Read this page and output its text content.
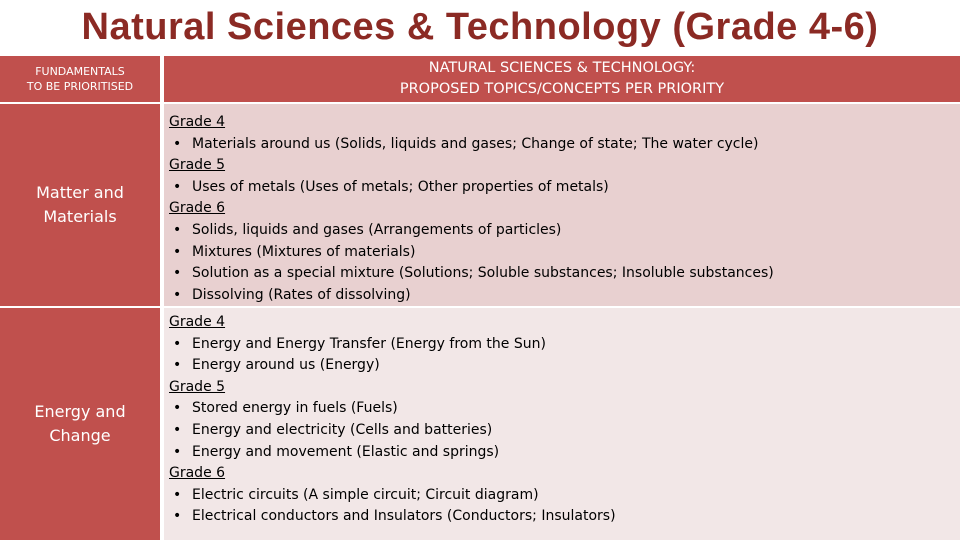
Natural Sciences & Technology (Grade 4-6)
FUNDAMENTALS
TO BE PRIORITISED
NATURAL SCIENCES & TECHNOLOGY:
PROPOSED TOPICS/CONCEPTS PER PRIORITY
Matter and
Materials
Grade 4
• Materials around us (Solids, liquids and gases; Change of state; The water cycle)
Grade 5
• Uses of metals (Uses of metals; Other properties of metals)
Grade 6
• Solids, liquids and gases (Arrangements of particles)
• Mixtures (Mixtures of materials)
• Solution as a special mixture (Solutions; Soluble substances; Insoluble substances)
• Dissolving (Rates of dissolving)
Energy and
Change
Grade 4
• Energy and Energy Transfer (Energy from the Sun)
• Energy around us (Energy)
Grade 5
• Stored energy in fuels (Fuels)
• Energy and electricity (Cells and batteries)
• Energy and movement (Elastic and springs)
Grade 6
• Electric circuits (A simple circuit; Circuit diagram)
• Electrical conductors and Insulators (Conductors; Insulators)
